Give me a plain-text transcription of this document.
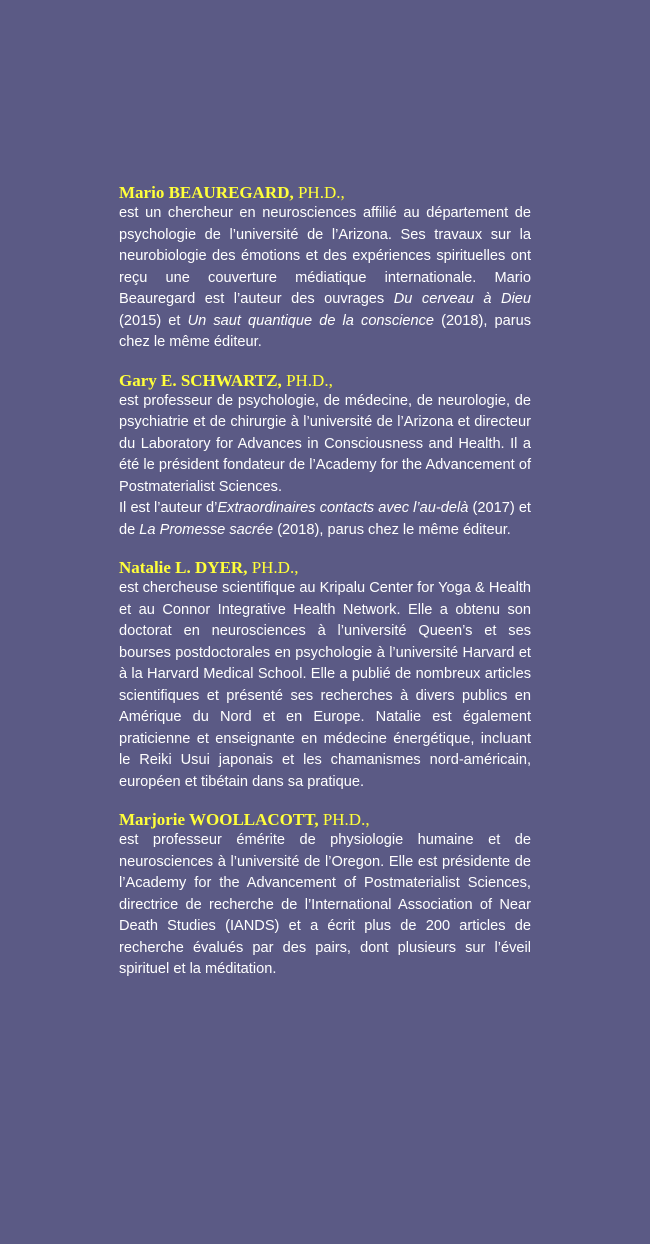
Mario BEAUREGARD, PH.D.,

est un chercheur en neurosciences affilié au département de psychologie de l’université de l’Arizona. Ses travaux sur la neurobiologie des émotions et des expériences spirituelles ont reçu une couverture médiatique internationale. Mario Beauregard est l’auteur des ouvrages Du cerveau à Dieu (2015) et Un saut quantique de la conscience (2018), parus chez le même éditeur.

Gary E. SCHWARTZ, PH.D.,

est professeur de psychologie, de médecine, de neurologie, de psychiatrie et de chirurgie à l’université de l’Arizona et directeur du Laboratory for Advances in Consciousness and Health. Il a été le président fondateur de l’Academy for the Advancement of Postmaterialist Sciences.

Il est l’auteur d’Extraordinaires contacts avec l’au-delà (2017) et de La Promesse sacrée (2018), parus chez le même éditeur.

Natalie L. DYER, PH.D.,

est chercheuse scientifique au Kripalu Center for Yoga & Health et au Connor Integrative Health Network. Elle a obtenu son doctorat en neurosciences à l’université Queen’s et ses bourses postdoctorales en psychologie à l’université Harvard et à la Harvard Medical School. Elle a publié de nombreux articles scientifiques et présenté ses recherches à divers publics en Amérique du Nord et en Europe. Natalie est également praticienne et enseignante en médecine énergétique, incluant le Reiki Usui japonais et les chamanismes nord-américain, européen et tibétain dans sa pratique.

Marjorie WOOLLACOTT, PH.D.,

est professeur émérite de physiologie humaine et de neurosciences à l’université de l’Oregon. Elle est présidente de l’Academy for the Advancement of Postmaterialist Sciences, directrice de recherche de l’International Association of Near Death Studies (IANDS) et a écrit plus de 200 articles de recherche évalués par des pairs, dont plusieurs sur l’éveil spirituel et la méditation.
